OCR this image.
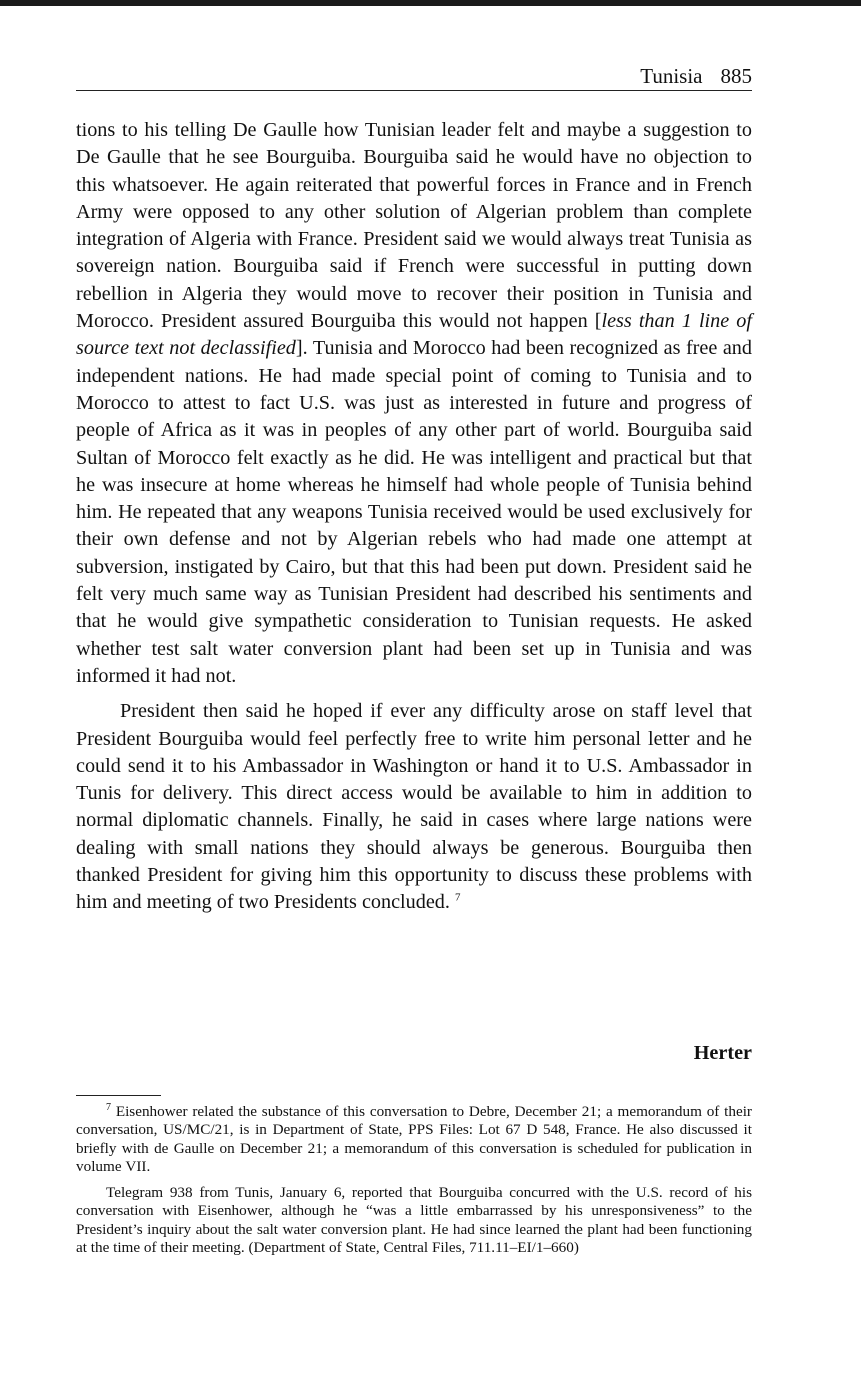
Tunisia 885

tions to his telling De Gaulle how Tunisian leader felt and maybe a suggestion to De Gaulle that he see Bourguiba. Bourguiba said he would have no objection to this whatsoever. He again reiterated that powerful forces in France and in French Army were opposed to any other solution of Algerian problem than complete integration of Algeria with France. President said we would always treat Tunisia as sovereign nation. Bourguiba said if French were successful in putting down rebellion in Algeria they would move to recover their position in Tunisia and Morocco. President assured Bourguiba this would not happen [less than 1 line of source text not declassified]. Tunisia and Morocco had been recognized as free and independent nations. He had made special point of coming to Tunisia and to Morocco to attest to fact U.S. was just as interested in future and progress of people of Africa as it was in peoples of any other part of world. Bourguiba said Sultan of Morocco felt exactly as he did. He was intelligent and practical but that he was insecure at home whereas he himself had whole people of Tunisia behind him. He repeated that any weapons Tunisia received would be used exclusively for their own defense and not by Algerian rebels who had made one attempt at subversion, instigated by Cairo, but that this had been put down. President said he felt very much same way as Tunisian President had described his sentiments and that he would give sympathetic consideration to Tunisian requests. He asked whether test salt water conversion plant had been set up in Tunisia and was informed it had not.

President then said he hoped if ever any difficulty arose on staff level that President Bourguiba would feel perfectly free to write him personal letter and he could send it to his Ambassador in Washington or hand it to U.S. Ambassador in Tunis for delivery. This direct access would be available to him in addition to normal diplomatic channels. Finally, he said in cases where large nations were dealing with small nations they should always be generous. Bourguiba then thanked President for giving him this opportunity to discuss these problems with him and meeting of two Presidents concluded. $^7$

Herter

$^7$ Eisenhower related the substance of this conversation to Debre, December 21; a memorandum of their conversation, US/MC/21, is in Department of State, PPS Files: Lot 67 D 548, France. He also discussed it briefly with de Gaulle on December 21; a memorandum of this conversation is scheduled for publication in volume VII.

Telegram 938 from Tunis, January 6, reported that Bourguiba concurred with the U.S. record of his conversation with Eisenhower, although he “was a little embarrassed by his unresponsiveness” to the President’s inquiry about the salt water conversion plant. He had since learned the plant had been functioning at the time of their meeting. (Department of State, Central Files, 711.11–EI/1–660)
